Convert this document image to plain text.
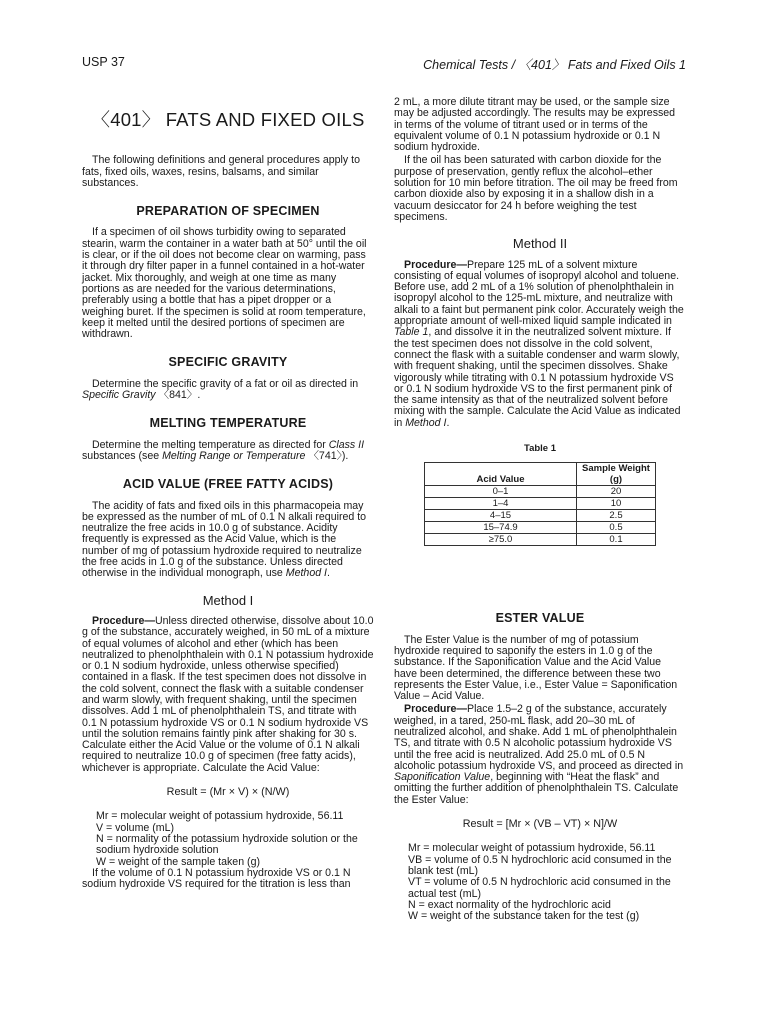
USP 37	Chemical Tests / 〈401〉 Fats and Fixed Oils 1
〈401〉 FATS AND FIXED OILS

The following definitions and general procedures apply to fats, fixed oils, waxes, resins, balsams, and similar substances.

PREPARATION OF SPECIMEN

If a specimen of oil shows turbidity owing to separated stearin, warm the container in a water bath at 50° until the oil is clear, or if the oil does not become clear on warming, pass it through dry filter paper in a funnel contained in a hot-water jacket. Mix thoroughly, and weigh at one time as many portions as are needed for the various determinations, preferably using a bottle that has a pipet dropper or a weighing buret. If the specimen is solid at room temperature, keep it melted until the desired portions of specimen are withdrawn.

SPECIFIC GRAVITY

Determine the specific gravity of a fat or oil as directed in Specific Gravity 〈841〉.

MELTING TEMPERATURE

Determine the melting temperature as directed for Class II substances (see Melting Range or Temperature 〈741〉).

ACID VALUE (FREE FATTY ACIDS)

The acidity of fats and fixed oils in this pharmacopeia may be expressed as the number of mL of 0.1 N alkali required to neutralize the free acids in 10.0 g of substance. Acidity frequently is expressed as the Acid Value, which is the number of mg of potassium hydroxide required to neutralize the free acids in 1.0 g of the substance. Unless directed otherwise in the individual monograph, use Method I.

Method I

Procedure—Unless directed otherwise, dissolve about 10.0 g of the substance, accurately weighed, in 50 mL of a mixture of equal volumes of alcohol and ether (which has been neutralized to phenolphthalein with 0.1 N potassium hydroxide or 0.1 N sodium hydroxide, unless otherwise specified) contained in a flask. If the test specimen does not dissolve in the cold solvent, connect the flask with a suitable condenser and warm slowly, with frequent shaking, until the specimen dissolves. Add 1 mL of phenolphthalein TS, and titrate with 0.1 N potassium hydroxide VS or 0.1 N sodium hydroxide VS until the solution remains faintly pink after shaking for 30 s. Calculate either the Acid Value or the volume of 0.1 N alkali required to neutralize 10.0 g of specimen (free fatty acids), whichever is appropriate. Calculate the Acid Value:

Result = (Mr × V) × (N/W)
Mr = molecular weight of potassium hydroxide, 56.11
V = volume (mL)
N = normality of the potassium hydroxide solution or the sodium hydroxide solution
W = weight of the sample taken (g)

If the volume of 0.1 N potassium hydroxide VS or 0.1 N sodium hydroxide VS required for the titration is less than

2 mL, a more dilute titrant may be used, or the sample size may be adjusted accordingly. The results may be expressed in terms of the volume of titrant used or in terms of the equivalent volume of 0.1 N potassium hydroxide or 0.1 N sodium hydroxide.

If the oil has been saturated with carbon dioxide for the purpose of preservation, gently reflux the alcohol–ether solution for 10 min before titration. The oil may be freed from carbon dioxide also by exposing it in a shallow dish in a vacuum desiccator for 24 h before weighing the test specimens.

Method II

Procedure—Prepare 125 mL of a solvent mixture consisting of equal volumes of isopropyl alcohol and toluene. Before use, add 2 mL of a 1% solution of phenolphthalein in isopropyl alcohol to the 125-mL mixture, and neutralize with alkali to a faint but permanent pink color. Accurately weigh the appropriate amount of well-mixed liquid sample indicated in Table 1, and dissolve it in the neutralized solvent mixture. If the test specimen does not dissolve in the cold solvent, connect the flask with a suitable condenser and warm slowly, with frequent shaking, until the specimen dissolves. Shake vigorously while titrating with 0.1 N potassium hydroxide VS or 0.1 N sodium hydroxide VS to the first permanent pink of the same intensity as that of the neutralized solvent before mixing with the sample. Calculate the Acid Value as indicated in Method I.

Table 1
Acid Value	Sample Weight (g)
0–1	20
1–4	10
4–15	2.5
15–74.9	0.5
≥75.0	0.1
ESTER VALUE

The Ester Value is the number of mg of potassium hydroxide required to saponify the esters in 1.0 g of the substance. If the Saponification Value and the Acid Value have been determined, the difference between these two represents the Ester Value, i.e., Ester Value = Saponification Value – Acid Value.

Procedure—Place 1.5–2 g of the substance, accurately weighed, in a tared, 250-mL flask, add 20–30 mL of neutralized alcohol, and shake. Add 1 mL of phenolphthalein TS, and titrate with 0.5 N alcoholic potassium hydroxide VS until the free acid is neutralized. Add 25.0 mL of 0.5 N alcoholic potassium hydroxide VS, and proceed as directed in Saponification Value, beginning with “Heat the flask” and omitting the further addition of phenolphthalein TS. Calculate the Ester Value:

Result = [Mr × (VB – VT) × N]/W
Mr = molecular weight of potassium hydroxide, 56.11
VB = volume of 0.5 N hydrochloric acid consumed in the blank test (mL)
VT = volume of 0.5 N hydrochloric acid consumed in the actual test (mL)
N = exact normality of the hydrochloric acid
W = weight of the substance taken for the test (g)
